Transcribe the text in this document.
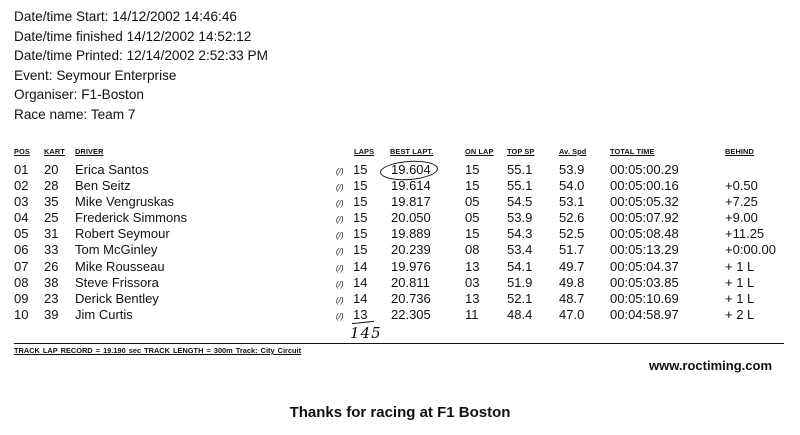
Date/time Start: 14/12/2002 14:46:46
Date/time finished 14/12/2002 14:52:12
Date/time Printed: 12/14/2002 2:52:33 PM
Event: Seymour Enterprise
Organiser: F1-Boston
Race name: Team 7
POS KART DRIVER	LAPS BEST LAPT.	ON LAP TOP SP	Av. Spd	TOTAL TIME	BEHIND
01 20 Erica Santos	(/) 15 19.604	15 55.1 53.9 00:05:00.29
02 28 Ben Seitz	(/) 15 19.614	15 55.1 54.0 00:05:00.16	+0.50
03 35 Mike Vengruskas	(/) 15 19.817	05 54.5 53.1 00:05:05.32	+7.25
04 25 Frederick Simmons	(/) 15 20.050	05 53.9 52.6 00:05:07.92	+9.00
05 31 Robert Seymour	(/) 15 19.889	15 54.3 52.5 00:05:08.48	+11.25
06 33 Tom McGinley	(/) 15 20.239	08 53.4 51.7 00:05:13.29	+0:00.00
07 26 Mike Rousseau	(/) 14 19.976	13 54.1 49.7 00:05:04.37	+ 1 L
08 38 Steve Frissora	(/) 14 20.811	03 51.9 49.8 00:05:03.85	+ 1 L
09 23 Derick Bentley	(/) 14 20.736	13 52.1 48.7 00:05:10.69	+ 1 L
10 39 Jim Curtis	(/) 13 22.305	11 48.4 47.0 00:04:58.97	+ 2 L
145
TRACK LAP RECORD = 19.190 sec TRACK LENGTH = 300m Track: City Circuit
www.roctiming.com
Thanks for racing at F1 Boston
